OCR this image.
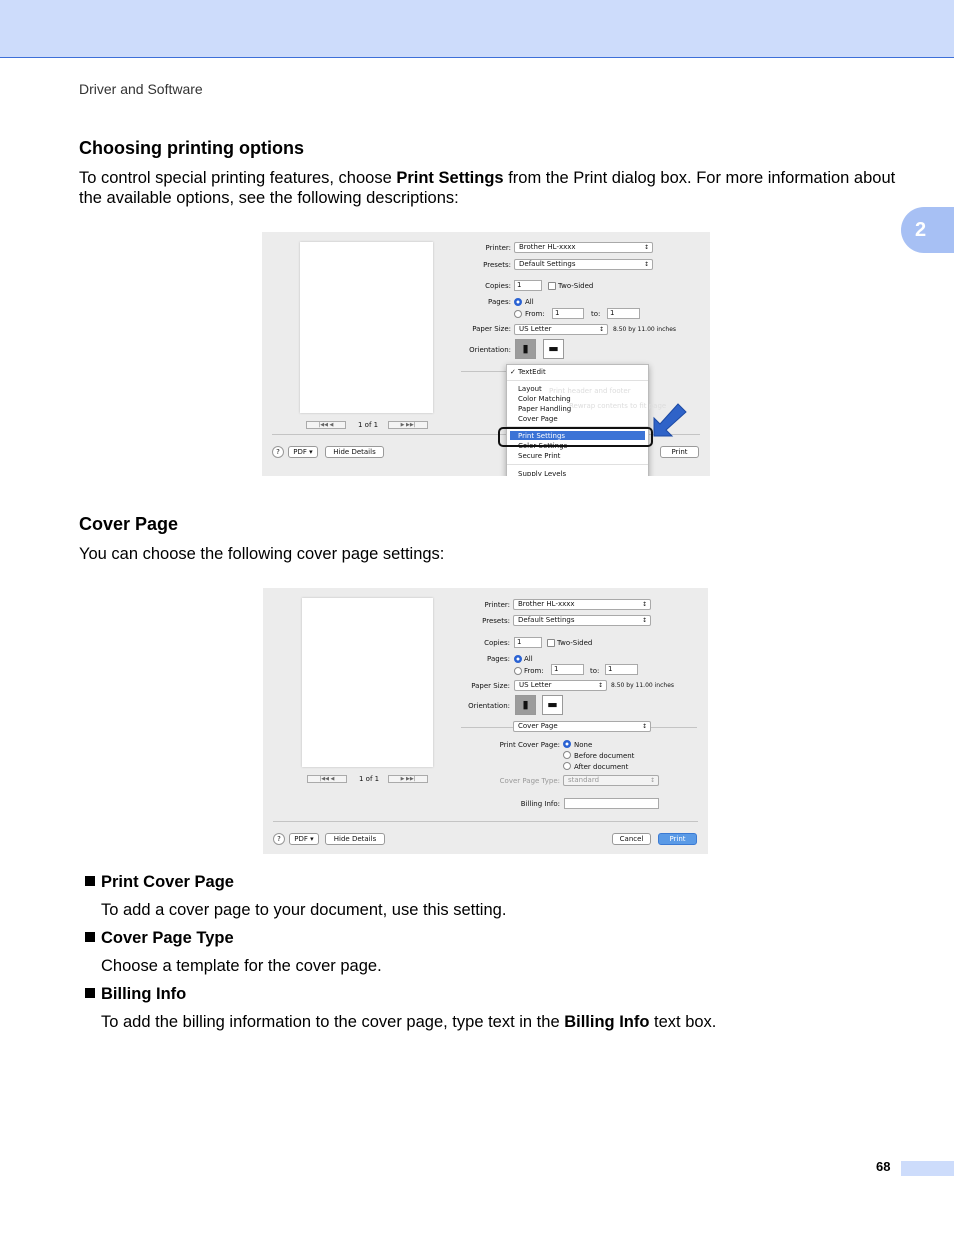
Driver and Software
2
Choosing printing options

To control special printing features, choose Print Settings from the Print dialog box. For more information about the available options, see the following descriptions:

|◀◀ ◀	1 of 1	▶ ▶▶|
Printer:	Brother HL-xxxx ↕
Presets:	Default Settings ↕
Copies: 1	Two-Sided
Pages: All
From:	1	to:	1
Paper Size:	US Letter ↕	8.50 by 11.00 inches
Orientation:	▮	▬
✓ TextEdit
Print header and footer
Rewrap contents to fit page
Layout
Color Matching
Paper Handling
Cover Page
Print Settings
Color Settings
Secure Print
Supply Levels
?	PDF ▾	Hide Details	Print
Cover Page

You can choose the following cover page settings:

|◀◀ ◀	1 of 1	▶ ▶▶|
Printer:	Brother HL-xxxx ↕
Presets:	Default Settings ↕
Copies:	1	Two-Sided
Pages: All
From:	1	to:	1
Paper Size:	US Letter ↕	8.50 by 11.00 inches
Orientation:	▮	▬
Cover Page ↕
Print Cover Page: None
Before document
After document
Cover Page Type:	standard ↕
Billing Info:
?	PDF ▾	Hide Details	Cancel	Print
Print Cover Page
To add a cover page to your document, use this setting.
Cover Page Type
Choose a template for the cover page.
Billing Info
To add the billing information to the cover page, type text in the Billing Info text box.
68
